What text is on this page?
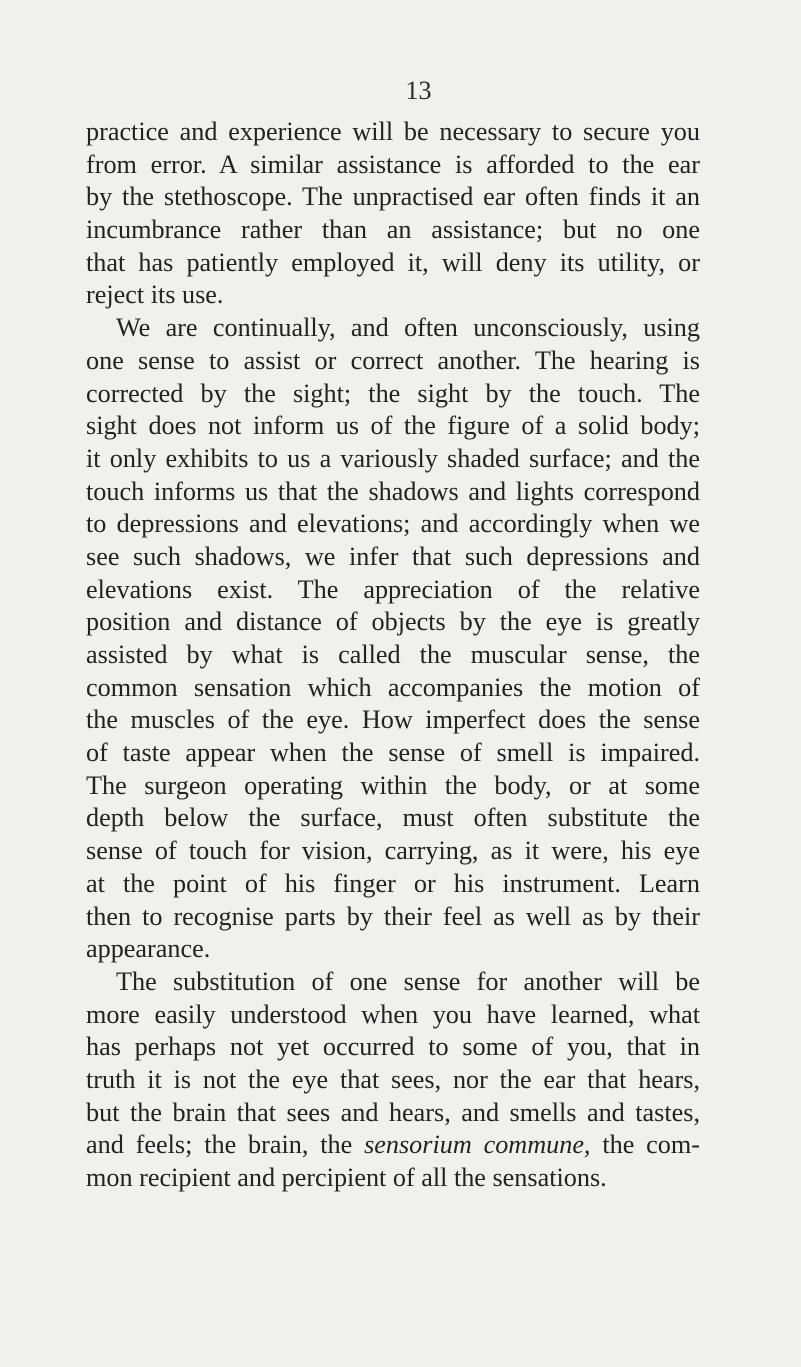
13
practice and experience will be necessary to secure you
from error. A similar assistance is afforded to the ear
by the stethoscope. The unpractised ear often finds it an
incumbrance rather than an assistance; but no one
that has patiently employed it, will deny its utility, or
reject its use.
We are continually, and often unconsciously, using
one sense to assist or correct another. The hearing is
corrected by the sight; the sight by the touch. The
sight does not inform us of the figure of a solid body;
it only exhibits to us a variously shaded surface; and the
touch informs us that the shadows and lights correspond
to depressions and elevations; and accordingly when we
see such shadows, we infer that such depressions and
elevations exist. The appreciation of the relative
position and distance of objects by the eye is greatly
assisted by what is called the muscular sense, the
common sensation which accompanies the motion of
the muscles of the eye. How imperfect does the sense
of taste appear when the sense of smell is impaired.
The surgeon operating within the body, or at some
depth below the surface, must often substitute the
sense of touch for vision, carrying, as it were, his eye
at the point of his finger or his instrument. Learn
then to recognise parts by their feel as well as by their
appearance.
The substitution of one sense for another will be
more easily understood when you have learned, what
has perhaps not yet occurred to some of you, that in
truth it is not the eye that sees, nor the ear that hears,
but the brain that sees and hears, and smells and tastes,
and feels; the brain, the sensorium commune, the com-
mon recipient and percipient of all the sensations.
